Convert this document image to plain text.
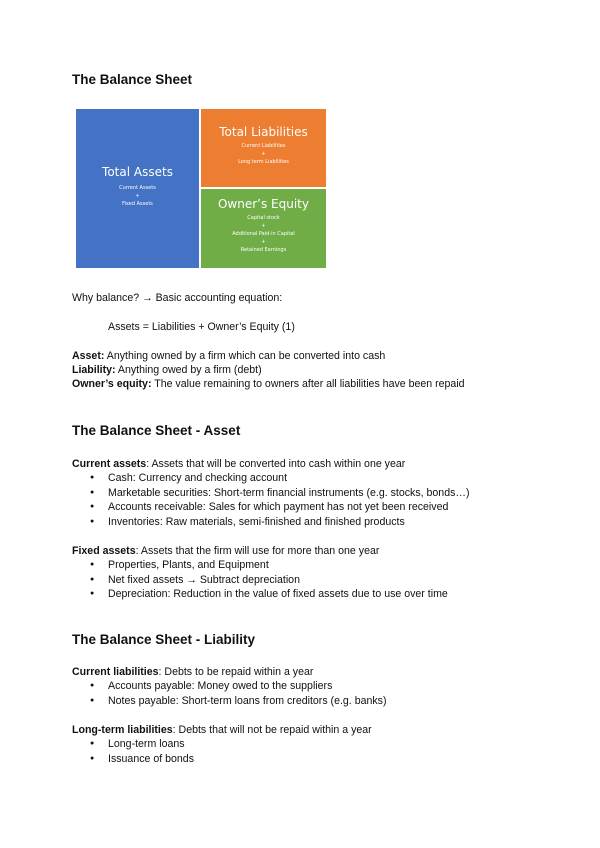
The Balance Sheet
Total Assets
Current Assets
+
Fixed Assets
Total Liabilities
Current Liabilities
+
Long term Liabilities
Owner’s Equity
Capital stock
+
Additional Paid-in Capital
+
Retained Earnings

Why balance? → Basic accounting equation:

Assets = Liabilities + Owner’s Equity (1)

Asset: Anything owned by a firm which can be converted into cash

Liability: Anything owed by a firm (debt)

Owner’s equity: The value remaining to owners after all liabilities have been repaid

The Balance Sheet - Asset

Current assets: Assets that will be converted into cash within one year

● Cash: Currency and checking account
● Marketable securities: Short-term financial instruments (e.g. stocks, bonds…)
● Accounts receivable: Sales for which payment has not yet been received
● Inventories: Raw materials, semi-finished and finished products

Fixed assets: Assets that the firm will use for more than one year

● Properties, Plants, and Equipment
● Net fixed assets → Subtract depreciation
● Depreciation: Reduction in the value of fixed assets due to use over time
The Balance Sheet - Liability

Current liabilities: Debts to be repaid within a year

● Accounts payable: Money owed to the suppliers
● Notes payable: Short-term loans from creditors (e.g. banks)

Long-term liabilities: Debts that will not be repaid within a year

● Long-term loans
● Issuance of bonds
